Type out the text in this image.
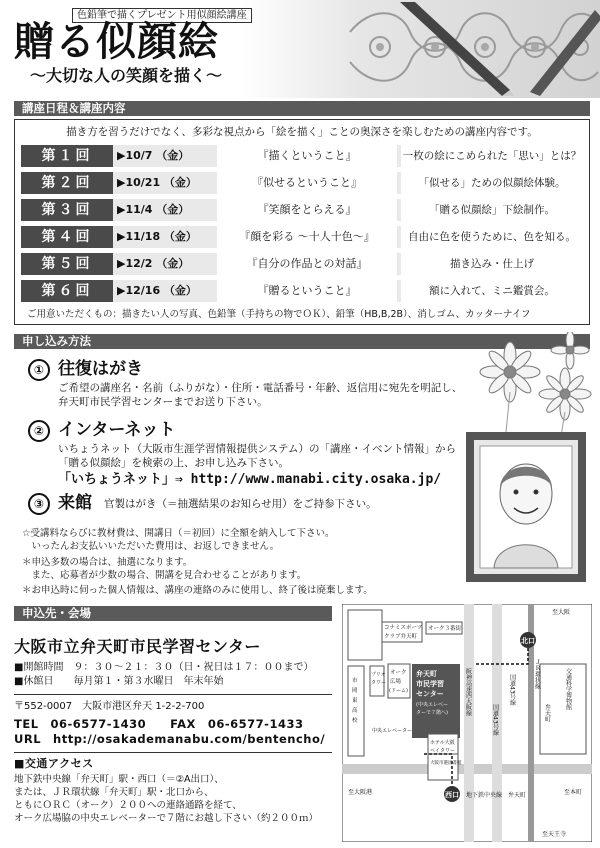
色鉛筆で描くプレゼント用似顔絵講座
贈る似顔絵
〜大切な人の笑顔を描く〜
講座日程＆講座内容
描き方を習うだけでなく、多彩な視点から「絵を描く」ことの奥深さを楽しむための講座内容です。
第１回	▶10/7 （金）	『描くということ』	一枚の絵にこめられた「思い」とは？
第２回	▶10/21 （金）	『似せるということ』	「似せる」ための似顔絵体験。
第３回	▶11/4 （金）	『笑顔をとらえる』	「贈る似顔絵」下絵制作。
第４回	▶11/18 （金）	『顔を彩る 〜十人十色〜』	自由に色を使うために、色を知る。
第５回	▶12/2 （金）	『自分の作品との対話』	描き込み・仕上げ
第６回	▶12/16 （金）	『贈るということ』	額に入れて、ミニ鑑賞会。
ご用意いただくもの：描きたい人の写真、色鉛筆（手持ちの物でＯＫ）、鉛筆（HB,B,2B）、消しゴム、カッターナイフ
申し込み方法
① 往復はがき
ご希望の講座名・名前（ふりがな）・住所・電話番号・年齢、返信用に宛先を明記し、
弁天町市民学習センターまでお送り下さい。
② インターネット
いちょうネット（大阪市生涯学習情報提供システム）の「講座・イベント情報」から
「贈る似顔絵」を検索の上、お申し込み下さい。
「いちょうネット」⇒ http://www.manabi.city.osaka.jp/
③ 来館 官製はがき（＝抽選結果のお知らせ用）をご持参下さい。
☆受講料ならびに教材費は、開講日（＝初回）に全額を納入して下さい。
　いったんお支払いいただいた費用は、お返しできません。
＊申込多数の場合は、抽選になります。
　また、応募者が少数の場合、開講を見合わせることがあります。
＊お申込時に伺った個人情報は、講座の連絡のみに使用し、終了後は廃棄します。
申込先・会場
大阪市立弁天町市民学習センター
■開館時間　９：３０〜２１：３０（日・祝日は１７：００まで）
■休館日　　毎月第１・第３水曜日　年末年始
〒552-0007　大阪市港区弁天 1-2-2-700
TEL　06-6577-1430　　FAX　06-6577-1433
URL　http://osakademanabu.com/bentencho/
■交通アクセス
地下鉄中央線「弁天町」駅・西口（＝②A出口）、
または、ＪＲ環状線「弁天町」駅・北口から、
ともにＯＲＣ（オーク）２００への連絡通路を経て、
オーク広場脇の中央エレベーターで７階にお越し下さい（約２００ｍ）
至大阪
コナミスポーツ
クラブ弁天町
オーク３番街
北口
市
岡
東
高
校
プリオ
タワー
オーク
広場
(ドーム)
弁天町
市民学習
センター
(中央エレベー
ターで７階へ)	阪神高速西大阪線
国道43号線
国道43号線	ＪＲ環状線
弁天町
交通科学博物館
中央エレベーター
ホテル大阪
ベイタワー
大阪市港図書館
西口 地下鉄中央線　弁天町
至大阪港	至本町
至天王寺
